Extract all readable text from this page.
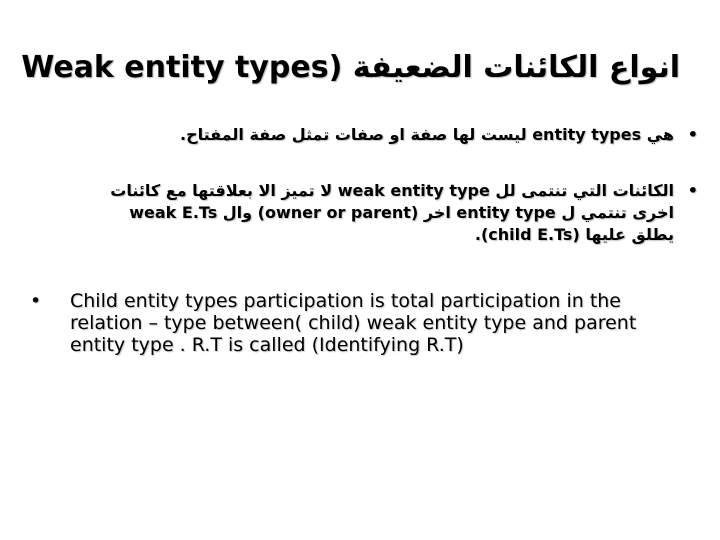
انواع الكائنات الضعيفة (Weak entity types
•
هي entity types ليست لها صفة او صفات تمثل صفة المفتاح.
•
الكائنات التي تنتمى لل weak entity type لا تميز الا بعلاقتها مع كائنات
اخرى تنتمي ل entity type اخر (owner or parent) وال weak E.Ts
يطلق عليها (child E.Ts).
• Child entity types participation is total participation in the relation – type between( child) weak entity type and parent entity type . R.T is called (Identifying R.T)
